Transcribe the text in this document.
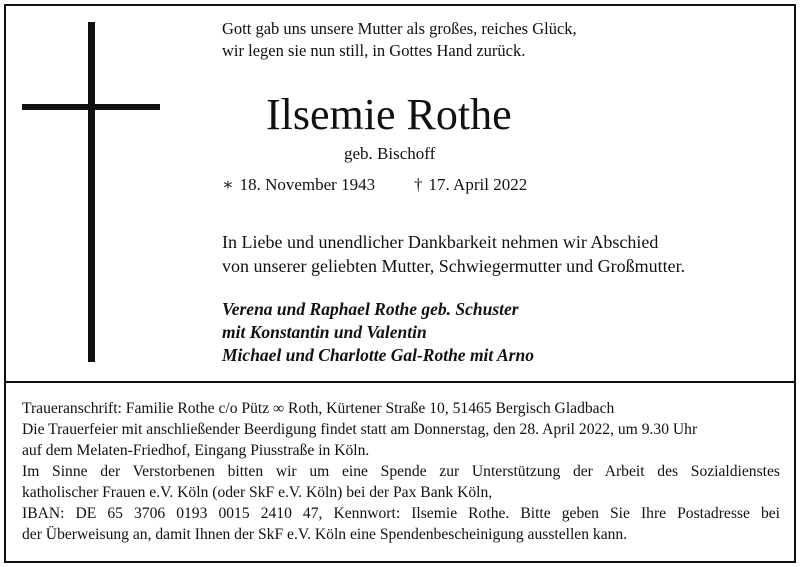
Gott gab uns unsere Mutter als großes, reiches Glück,
wir legen sie nun still, in Gottes Hand zurück.
Ilsemie Rothe
geb. Bischoff
∗ 18. November 1943 † 17. April 2022
In Liebe und unendlicher Dankbarkeit nehmen wir Abschied
von unserer geliebten Mutter, Schwiegermutter und Großmutter.
Verena und Raphael Rothe geb. Schuster
mit Konstantin und Valentin
Michael und Charlotte Gal-Rothe mit Arno
Traueranschrift: Familie Rothe c/o Pütz ∞ Roth, Kürtener Straße 10, 51465 Bergisch Gladbach
Die Trauerfeier mit anschließender Beerdigung findet statt am Donnerstag, den 28. April 2022, um 9.30 Uhr
auf dem Melaten-Friedhof, Eingang Piusstraße in Köln.
Im Sinne der Verstorbenen bitten wir um eine Spende zur Unterstützung der Arbeit des Sozialdienstes
katholischer Frauen e.V. Köln (oder SkF e.V. Köln) bei der Pax Bank Köln,
IBAN: DE 65 3706 0193 0015 2410 47, Kennwort: Ilsemie Rothe. Bitte geben Sie Ihre Postadresse bei
der Überweisung an, damit Ihnen der SkF e.V. Köln eine Spendenbescheinigung ausstellen kann.
